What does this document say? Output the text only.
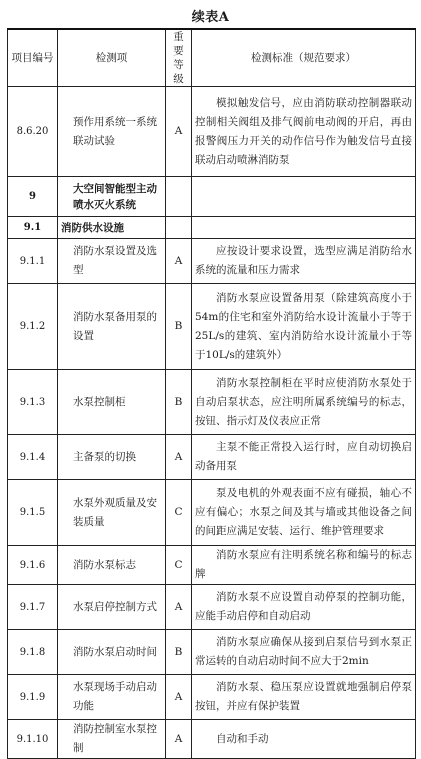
续表A
项目编号	检测项	重要等级	检测标准（规范要求）
8.6.20	预作用系统一系统联动试验	A	模拟触发信号，应由消防联动控制器联动控制相关阀组及排气阀前电动阀的开启，再由报警阀压力开关的动作信号作为触发信号直接联动启动喷淋消防泵
9	大空间智能型主动喷水灭火系统		
9.1	消防供水设施		
9.1.1	消防水泵设置及选型	A	应按设计要求设置，选型应满足消防给水系统的流量和压力需求
9.1.2	消防水泵备用泵的设置	B	消防水泵应设置备用泵（除建筑高度小于54m的住宅和室外消防给水设计流量小于等于25L/s的建筑、室内消防给水设计流量小于等于10L/s的建筑外）
9.1.3	水泵控制柜	B	消防水泵控制柜在平时应使消防水泵处于自动启泵状态，应注明所属系统编号的标志，按钮、指示灯及仪表应正常
9.1.4	主备泵的切换	A	主泵不能正常投入运行时，应自动切换启动备用泵
9.1.5	水泵外观质量及安装质量	C	泵及电机的外观表面不应有碰损，轴心不应有偏心；水泵之间及其与墙或其他设备之间的间距应满足安装、运行、维护管理要求
9.1.6	消防水泵标志	C	消防水泵应有注明系统名称和编号的标志牌
9.1.7	水泵启停控制方式	A	消防水泵不应设置自动停泵的控制功能，应能手动启停和自动启动
9.1.8	消防水泵启动时间	B	消防水泵应确保从接到启泵信号到水泵正常运转的自动启动时间不应大于2min
9.1.9	水泵现场手动启动功能	A	消防水泵、稳压泵应设置就地强制启停泵按钮，并应有保护装置
9.1.10	消防控制室水泵控制	A	自动和手动
